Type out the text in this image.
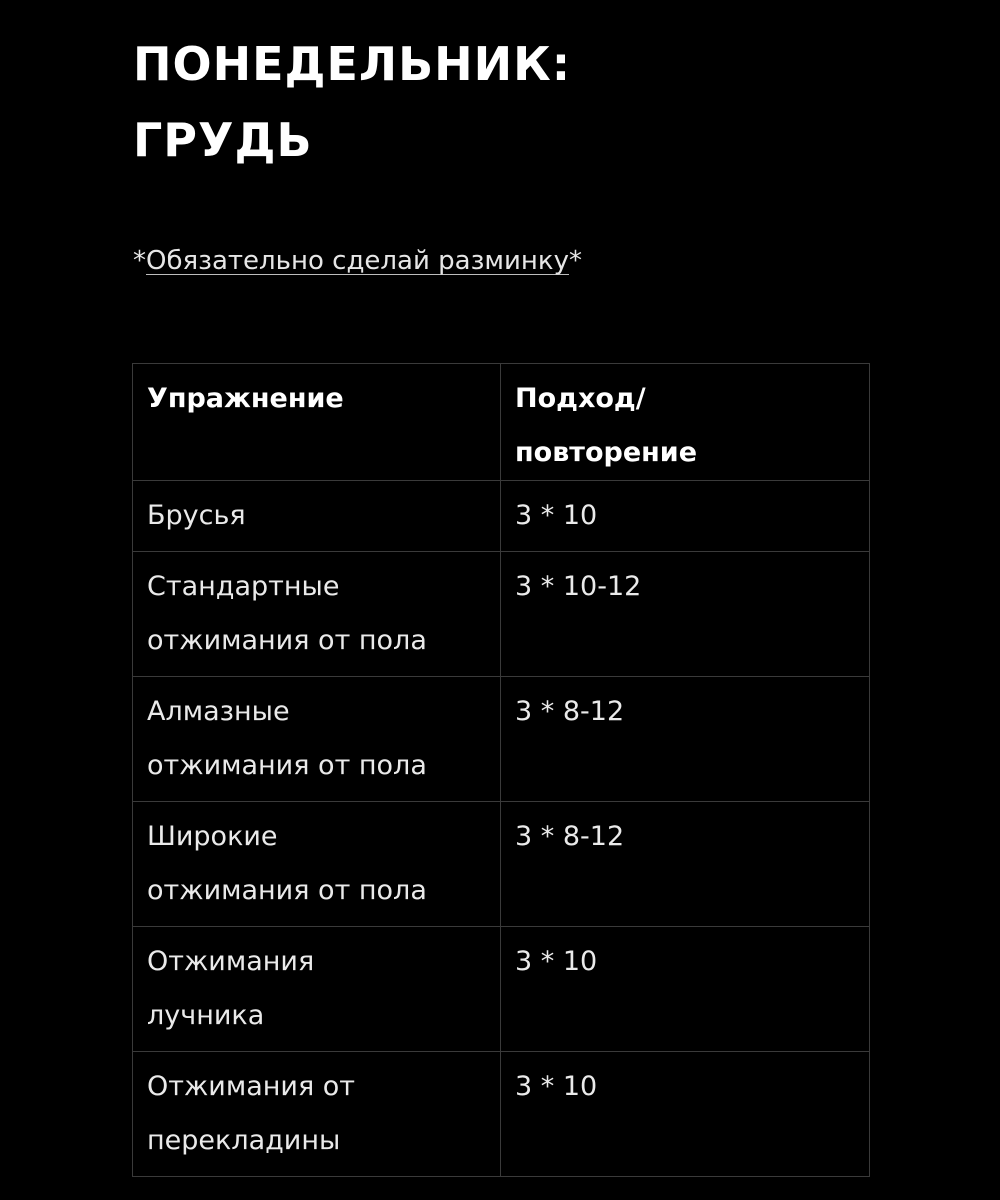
ПОНЕДЕЛЬНИК:
ГРУДЬ
*Обязательно сделай разминку*
Упражнение	Подход/
повторение

Брусья	3 * 10

Стандартные
отжимания от пола	3 * 10-12

Алмазные
отжимания от пола	3 * 8-12

Широкие
отжимания от пола	3 * 8-12

Отжимания
лучника	3 * 10

Отжимания от
перекладины	3 * 10
